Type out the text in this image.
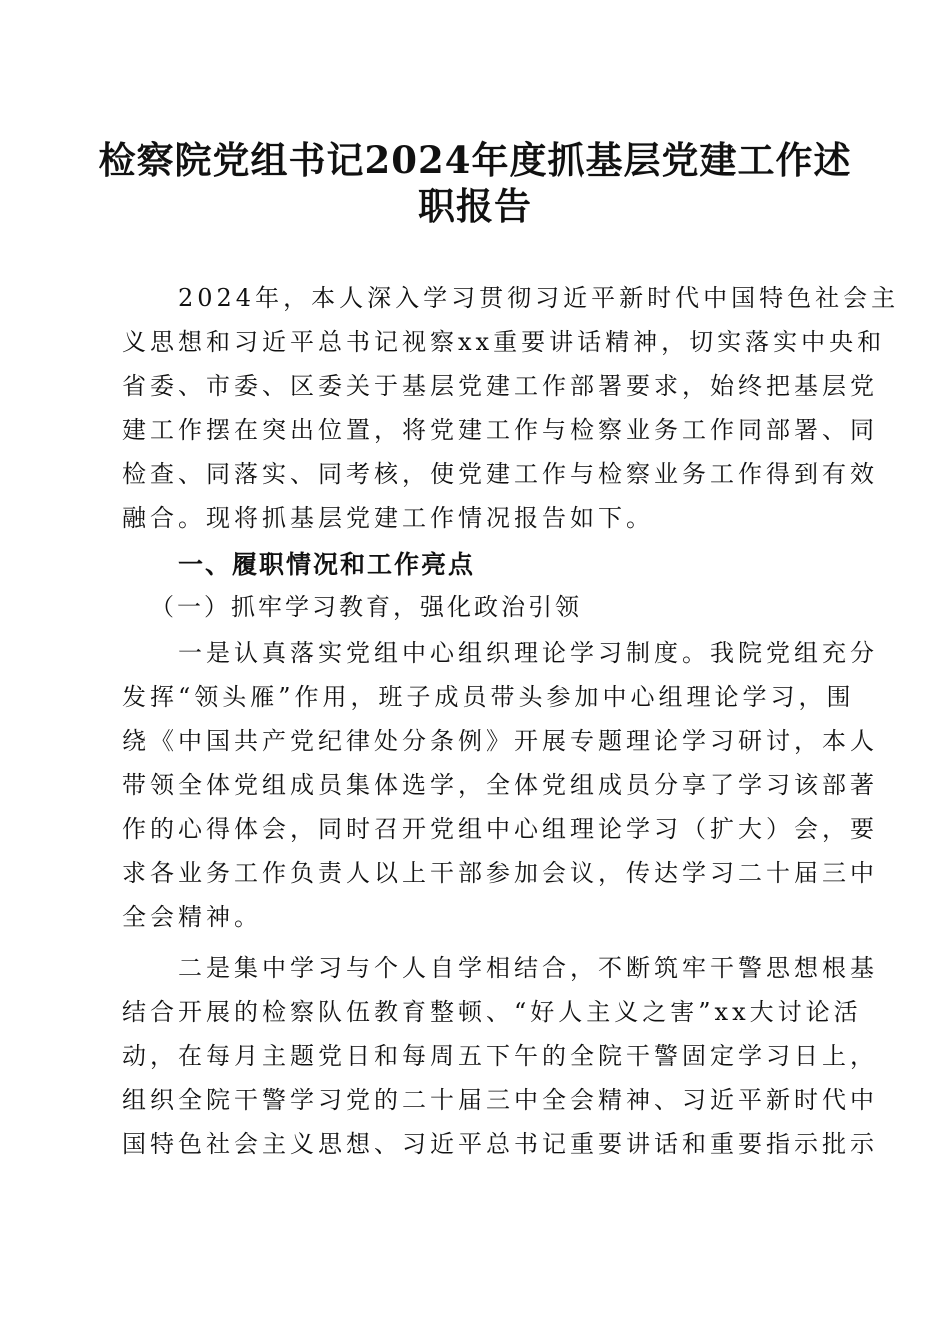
检察院党组书记2024年度抓基层党建工作述
职报告
2024年，本人深入学习贯彻习近平新时代中国特色社会主
义思想和习近平总书记视察xx重要讲话精神，切实落实中央和
省委、市委、区委关于基层党建工作部署要求，始终把基层党
建工作摆在突出位置，将党建工作与检察业务工作同部署、同
检查、同落实、同考核，使党建工作与检察业务工作得到有效
融合。现将抓基层党建工作情况报告如下。
一、履职情况和工作亮点
（一）抓牢学习教育，强化政治引领
一是认真落实党组中心组织理论学习制度。我院党组充分
发挥“领头雁”作用，班子成员带头参加中心组理论学习，围
绕《中国共产党纪律处分条例》开展专题理论学习研讨，本人
带领全体党组成员集体选学，全体党组成员分享了学习该部著
作的心得体会，同时召开党组中心组理论学习（扩大）会，要
求各业务工作负责人以上干部参加会议，传达学习二十届三中
全会精神。
二是集中学习与个人自学相结合，不断筑牢干警思想根基
结合开展的检察队伍教育整顿、“好人主义之害”xx大讨论活
动，在每月主题党日和每周五下午的全院干警固定学习日上，
组织全院干警学习党的二十届三中全会精神、习近平新时代中
国特色社会主义思想、习近平总书记重要讲话和重要指示批示
